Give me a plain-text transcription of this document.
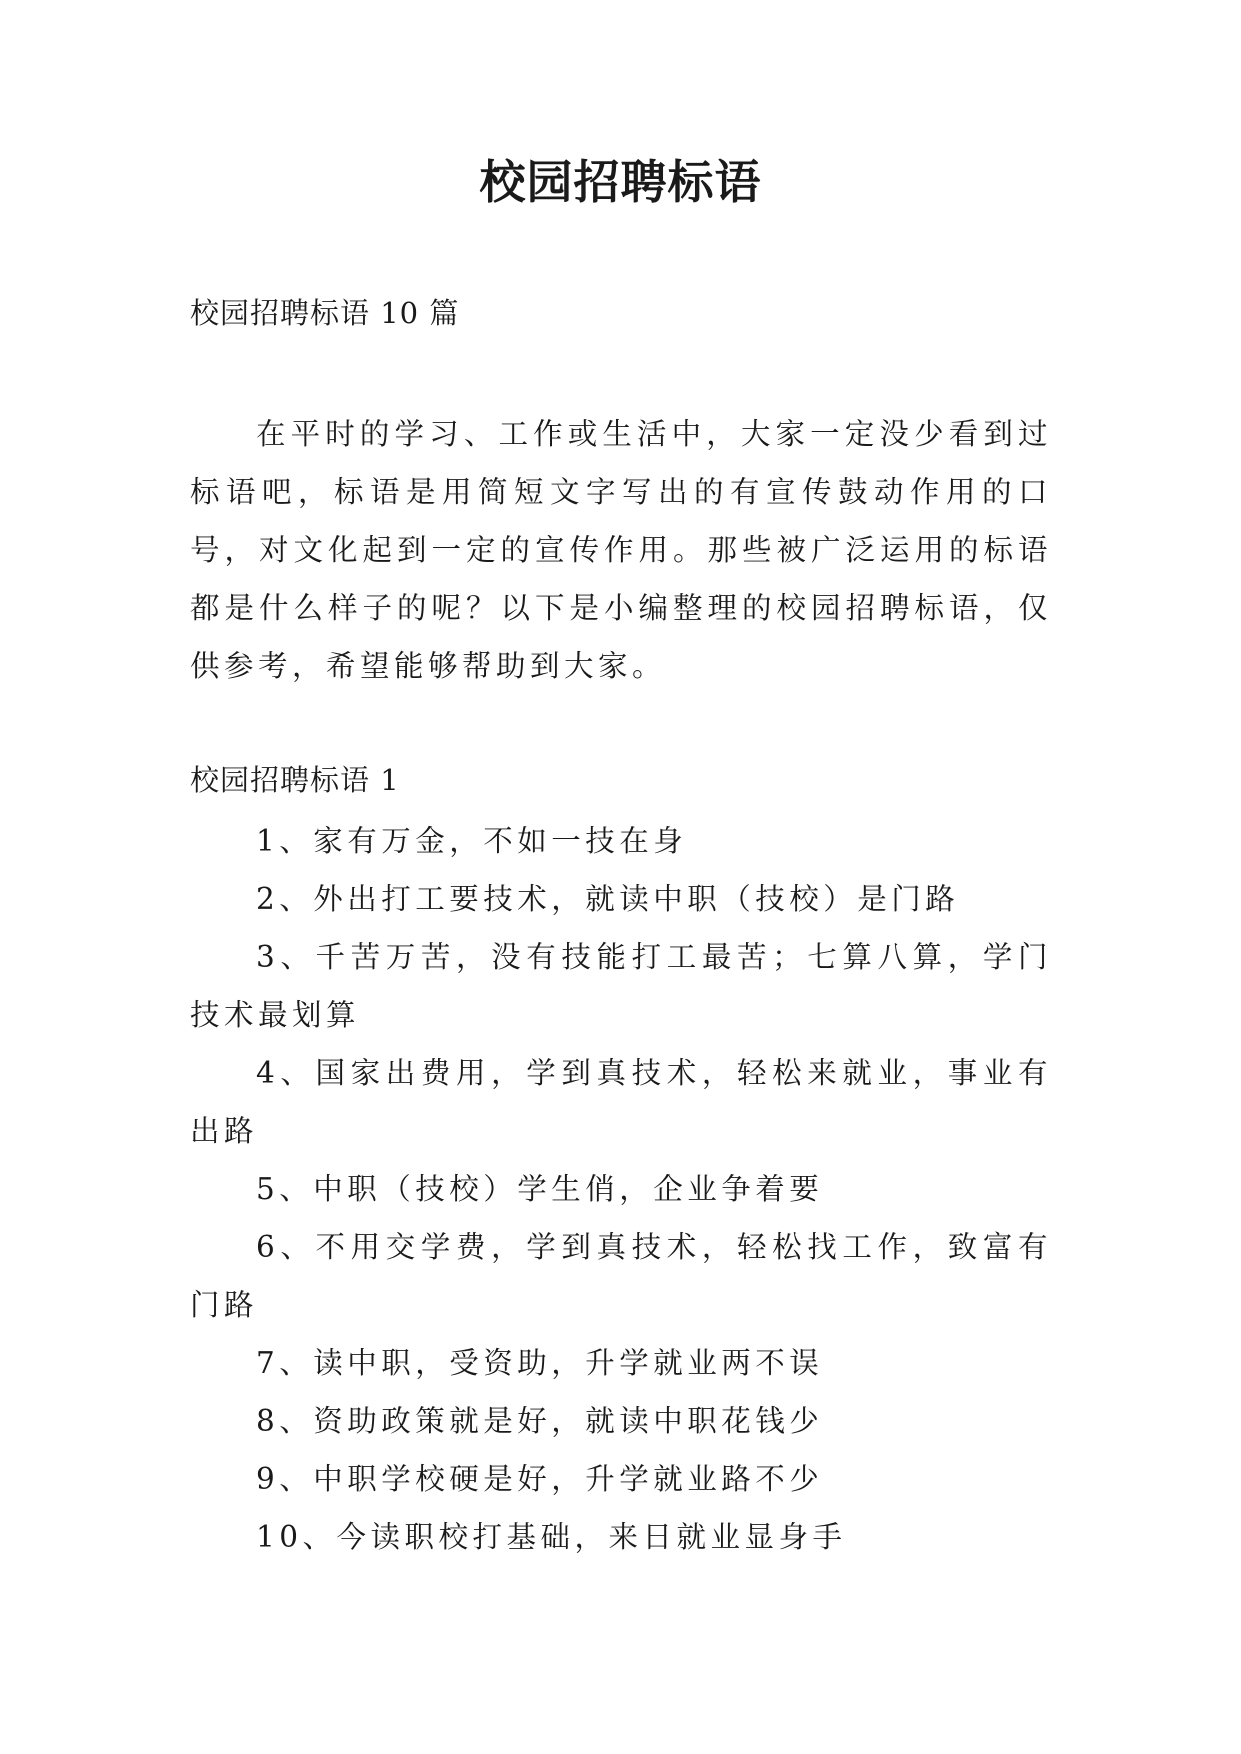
校园招聘标语
校园招聘标语 10 篇

在平时的学习、工作或生活中，大家一定没少看到过标语吧，标语是用简短文字写出的有宣传鼓动作用的口号，对文化起到一定的宣传作用。那些被广泛运用的标语都是什么样子的呢？以下是小编整理的校园招聘标语，仅供参考，希望能够帮助到大家。

校园招聘标语 1
1、家有万金，不如一技在身
2、外出打工要技术，就读中职（技校）是门路
3、千苦万苦，没有技能打工最苦；七算八算，学门技术最划算
4、国家出费用，学到真技术，轻松来就业，事业有出路
5、中职（技校）学生俏，企业争着要
6、不用交学费，学到真技术，轻松找工作，致富有门路
7、读中职，受资助，升学就业两不误
8、资助政策就是好，就读中职花钱少
9、中职学校硬是好，升学就业路不少
10、今读职校打基础，来日就业显身手
